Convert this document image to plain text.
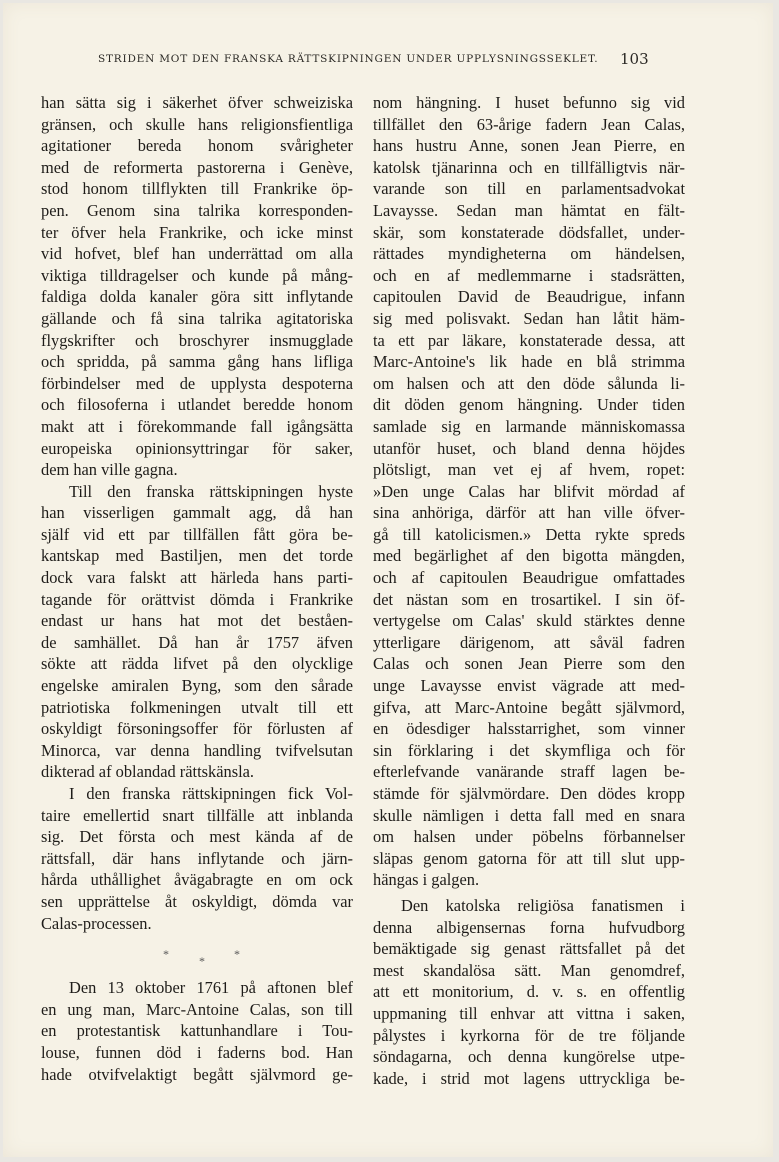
STRIDEN MOT DEN FRANSKA RÄTTSKIPNINGEN UNDER UPPLYSNINGSSEKLET. 103
han sätta sig i säkerhet öfver schweiziska
gränsen, och skulle hans religionsfientliga
agitationer bereda honom svårigheter
med de reformerta pastorerna i Genève,
stod honom tillflykten till Frankrike öp-
pen. Genom sina talrika korresponden-
ter öfver hela Frankrike, och icke minst
vid hofvet, blef han underrättad om alla
viktiga tilldragelser och kunde på mång-
faldiga dolda kanaler göra sitt inflytande
gällande och få sina talrika agitatoriska
flygskrifter och broschyrer insmugglade
och spridda, på samma gång hans lifliga
förbindelser med de upplysta despoterna
och filosoferna i utlandet beredde honom
makt att i förekommande fall igångsätta
europeiska opinionsyttringar för saker,
dem han ville gagna.
Till den franska rättskipningen hyste
han visserligen gammalt agg, då han
själf vid ett par tillfällen fått göra be-
kantskap med Bastiljen, men det torde
dock vara falskt att härleda hans parti-
tagande för orättvist dömda i Frankrike
endast ur hans hat mot det beståen-
de samhället. Då han år 1757 äfven
sökte att rädda lifvet på den olycklige
engelske amiralen Byng, som den sårade
patriotiska folkmeningen utvalt till ett
oskyldigt försoningsoffer för förlusten af
Minorca, var denna handling tvifvelsutan
dikterad af oblandad rättskänsla.
I den franska rättskipningen fick Vol-
taire emellertid snart tillfälle att inblanda
sig. Det första och mest kända af de
rättsfall, där hans inflytande och järn-
hårda uthållighet åvägabragte en om ock
sen upprättelse åt oskyldigt, dömda var
Calas-processen.
*	* *
Den 13 oktober 1761 på aftonen blef
en ung man, Marc-Antoine Calas, son till
en protestantisk kattunhandlare i Tou-
louse, funnen död i faderns bod. Han
hade otvifvelaktigt begått självmord ge-
nom hängning. I huset befunno sig vid
tillfället den 63-årige fadern Jean Calas,
hans hustru Anne, sonen Jean Pierre, en
katolsk tjänarinna och en tillfälligtvis när-
varande son till en parlamentsadvokat
Lavaysse. Sedan man hämtat en fält-
skär, som konstaterade dödsfallet, under-
rättades myndigheterna om händelsen,
och en af medlemmarne i stadsrätten,
capitoulen David de Beaudrigue, infann
sig med polisvakt. Sedan han låtit häm-
ta ett par läkare, konstaterade dessa, att
Marc-Antoine's lik hade en blå strimma
om halsen och att den döde sålunda li-
dit döden genom hängning. Under tiden
samlade sig en larmande människomassa
utanför huset, och bland denna höjdes
plötsligt, man vet ej af hvem, ropet:
»Den unge Calas har blifvit mördad af
sina anhöriga, därför att han ville öfver-
gå till katolicismen.» Detta rykte spreds
med begärlighet af den bigotta mängden,
och af capitoulen Beaudrigue omfattades
det nästan som en trosartikel. I sin öf-
vertygelse om Calas' skuld stärktes denne
ytterligare därigenom, att såväl fadren
Calas och sonen Jean Pierre som den
unge Lavaysse envist vägrade att med-
gifva, att Marc-Antoine begått självmord,
en ödesdiger halsstarrighet, som vinner
sin förklaring i det skymfliga och för
efterlefvande vanärande straff lagen be-
stämde för självmördare. Den dödes kropp
skulle nämligen i detta fall med en snara
om halsen under pöbelns förbannelser
släpas genom gatorna för att till slut upp-
hängas i galgen.
Den katolska religiösa fanatismen i
denna albigensernas forna hufvudborg
bemäktigade sig genast rättsfallet på det
mest skandalösa sätt. Man genomdref,
att ett monitorium, d. v. s. en offentlig
uppmaning till enhvar att vittna i saken,
pålystes i kyrkorna för de tre följande
söndagarna, och denna kungörelse utpe-
kade, i strid mot lagens uttryckliga be-
